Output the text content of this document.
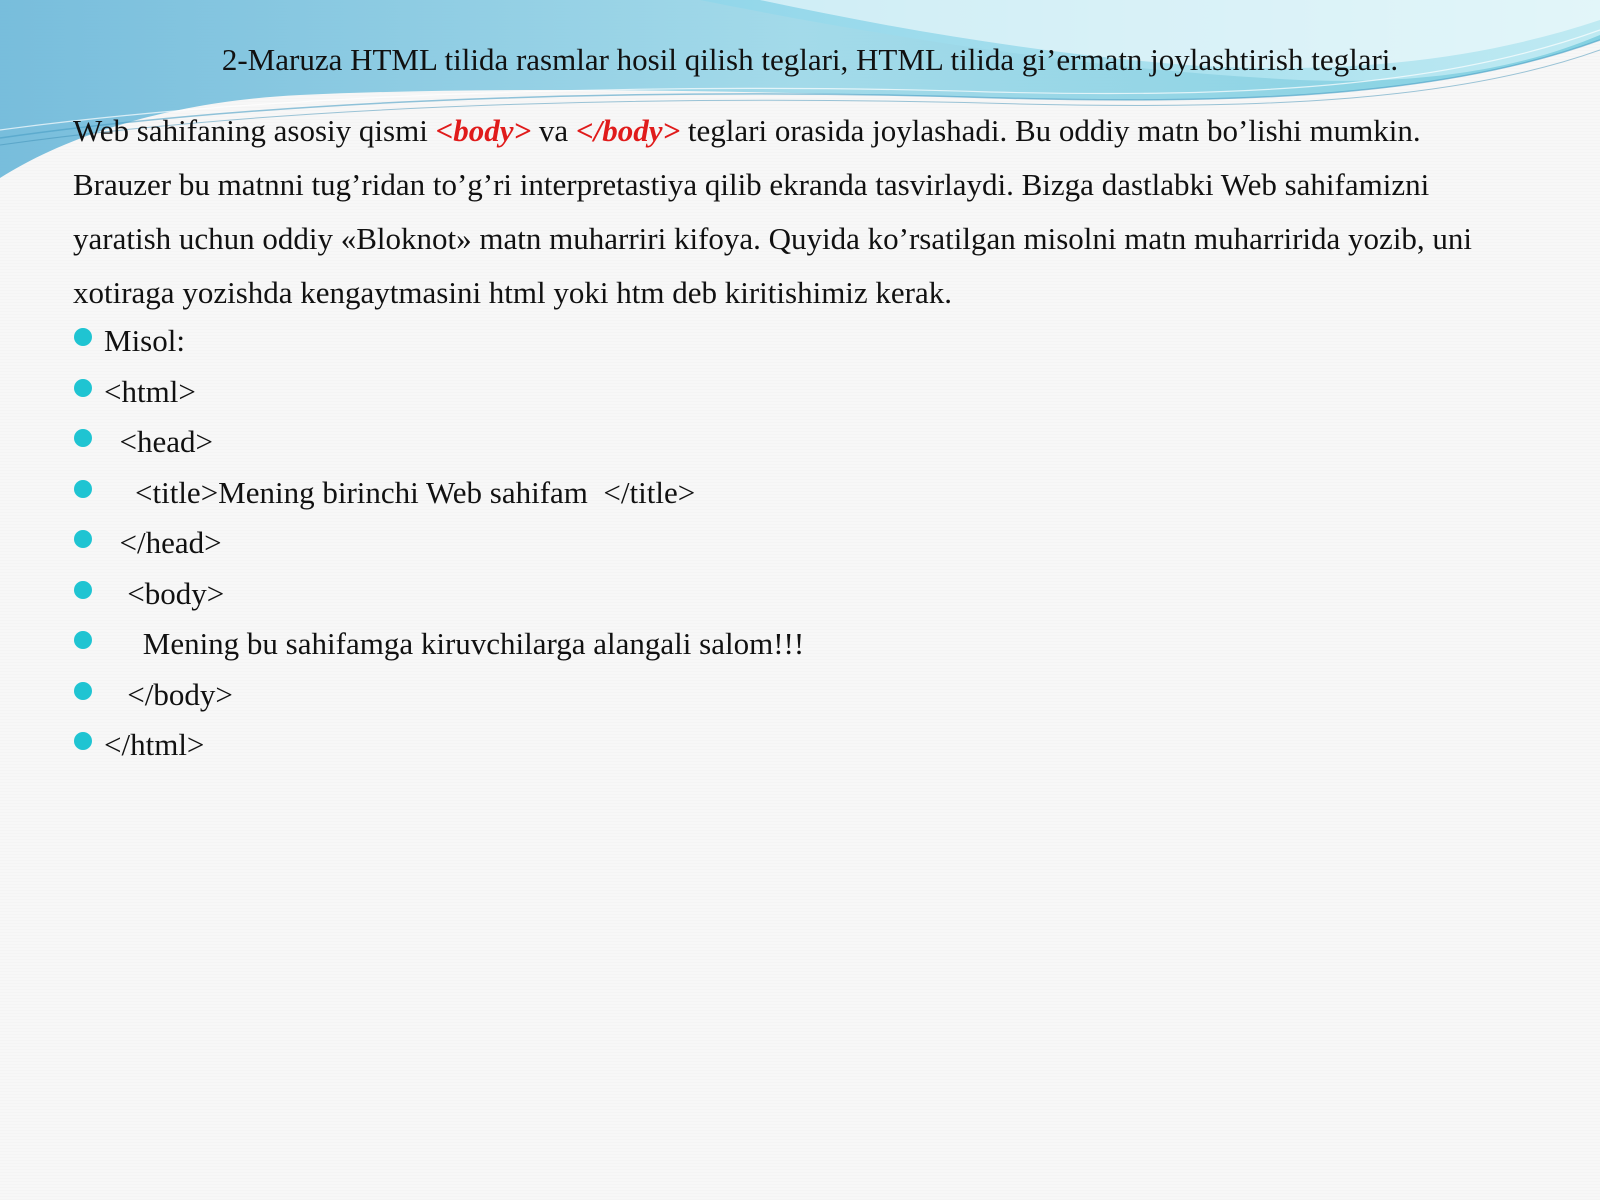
2-Maruza HTML tilida rasmlar hosil qilish teglari, HTML tilida gi’ermatn joylashtirish teglari.
Web sahifaning asosiy qismi <body> va </body> teglari orasida joylashadi. Bu oddiy matn bo’lishi mumkin.
Brauzer bu matnni tug’ridan to’g’ri interpretastiya qilib ekranda tasvirlaydi. Bizga dastlabki Web sahifamizni
yaratish uchun oddiy «Bloknot» matn muharriri kifoya. Quyida ko’rsatilgan misolni matn muharririda yozib, uni
xotiraga yozishda kengaytmasini html yoki htm deb kiritishimiz kerak.
Misol:
<html>
<head>
<title>Mening birinchi Web sahifam  </title>
</head>
<body>
Mening bu sahifamga kiruvchilarga alangali salom!!!
</body>
</html>
